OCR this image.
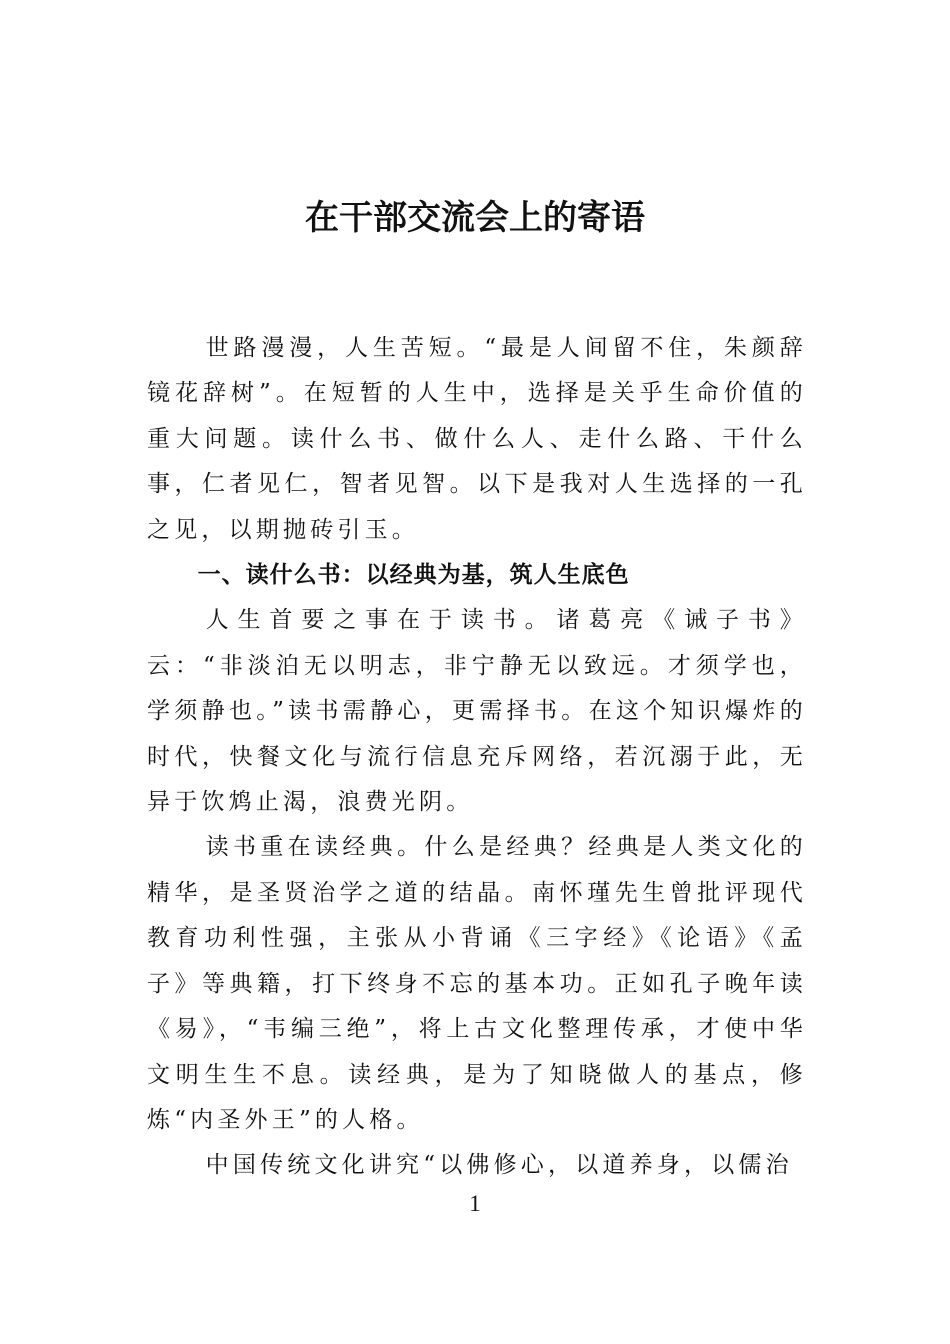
在干部交流会上的寄语

世路漫漫，人生苦短。“最是人间留不住，朱颜辞镜花辞树”。在短暂的人生中，选择是关乎生命价值的重大问题。读什么书、做什么人、走什么路、干什么事，仁者见仁，智者见智。以下是我对人生选择的一孔之见，以期抛砖引玉。

一、读什么书：以经典为基，筑人生底色

人生首要之事在于读书。诸葛亮《诫子书》云：“非淡泊无以明志，非宁静无以致远。才须学也，学须静也。”读书需静心，更需择书。在这个知识爆炸的时代，快餐文化与流行信息充斥网络，若沉溺于此，无异于饮鸩止渴，浪费光阴。

读书重在读经典。什么是经典？经典是人类文化的精华，是圣贤治学之道的结晶。南怀瑾先生曾批评现代教育功利性强，主张从小背诵《三字经》《论语》《孟子》等典籍，打下终身不忘的基本功。正如孔子晚年读《易》，“韦编三绝”，将上古文化整理传承，才使中华文明生生不息。读经典，是为了知晓做人的基点，修炼“内圣外王”的人格。

中国传统文化讲究“以佛修心，以道养身，以儒治

1
